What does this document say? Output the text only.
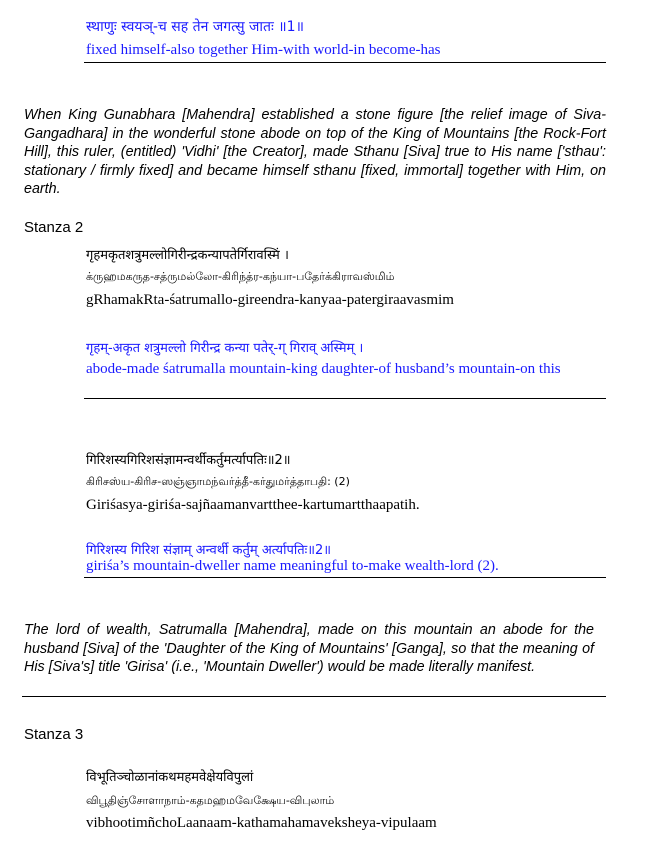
स्थाणुः स्वयञ्-च सह तेन जगत्सु जातः ॥1॥
fixed himself-also together Him-with world-in become-has
When King Gunabhara [Mahendra] established a stone figure [the relief image of Siva-Gangadhara] in the wonderful stone abode on top of the King of Mountains [the Rock-Fort Hill], this ruler, (entitled) 'Vidhi' [the Creator], made Sthanu [Siva] true to His name ['sthau': stationary / firmly fixed] and became himself sthanu [fixed, immortal] together with Him, on earth.
Stanza 2
गृहमकृतशत्रुमल्लोगिरीन्द्रकन्यापतेर्गिरावस्मिं ।
க்ருஹமகருத-சத்ருமல்லோ-கிரிந்த்ர-கந்யா-பதேர்க்கிராவஸ்மிம்
gRhamakRta-śatrumallo-gireendra-kanyaa-patergiraavasmim
गृहम्-अकृत शत्रुमल्लो गिरीन्द्र कन्या पतेर्-ग् गिराव् अस्मिम् ।
abode-made śatrumalla mountain-king daughter-of husband’s mountain-on this
गिरिशस्यगिरिशसंज्ञामन्वर्थीकर्तुमर्त्यापतिः॥2॥
கிரிசஸ்ய-கிரிச-ஸஞ்ஞாமந்வர்த்தீ-கர்துமர்த்தாபதி: (2)
Giriśasya-giriśa-sajñaamanvartthee-kartumartthaapatih.
गिरिशस्य गिरिश संज्ञाम् अन्वर्थी कर्तुम् अर्त्यापतिः॥2॥
giriśa’s mountain-dweller name meaningful to-make wealth-lord (2).
The lord of wealth, Satrumalla [Mahendra], made on this mountain an abode for the husband [Siva] of the 'Daughter of the King of Mountains' [Ganga], so that the meaning of His [Siva's] title 'Girisa' (i.e., 'Mountain Dweller') would be made literally manifest.
Stanza 3
विभूतिञ्चोळानांकथमहमवेक्षेयविपुलां
விபூதிஞ்சோளாநாம்-கதமஹமவேக்ஷேய-விபுலாம்
vibhootimñchoLaanaam-kathamahamaveksheya-vipulaam
